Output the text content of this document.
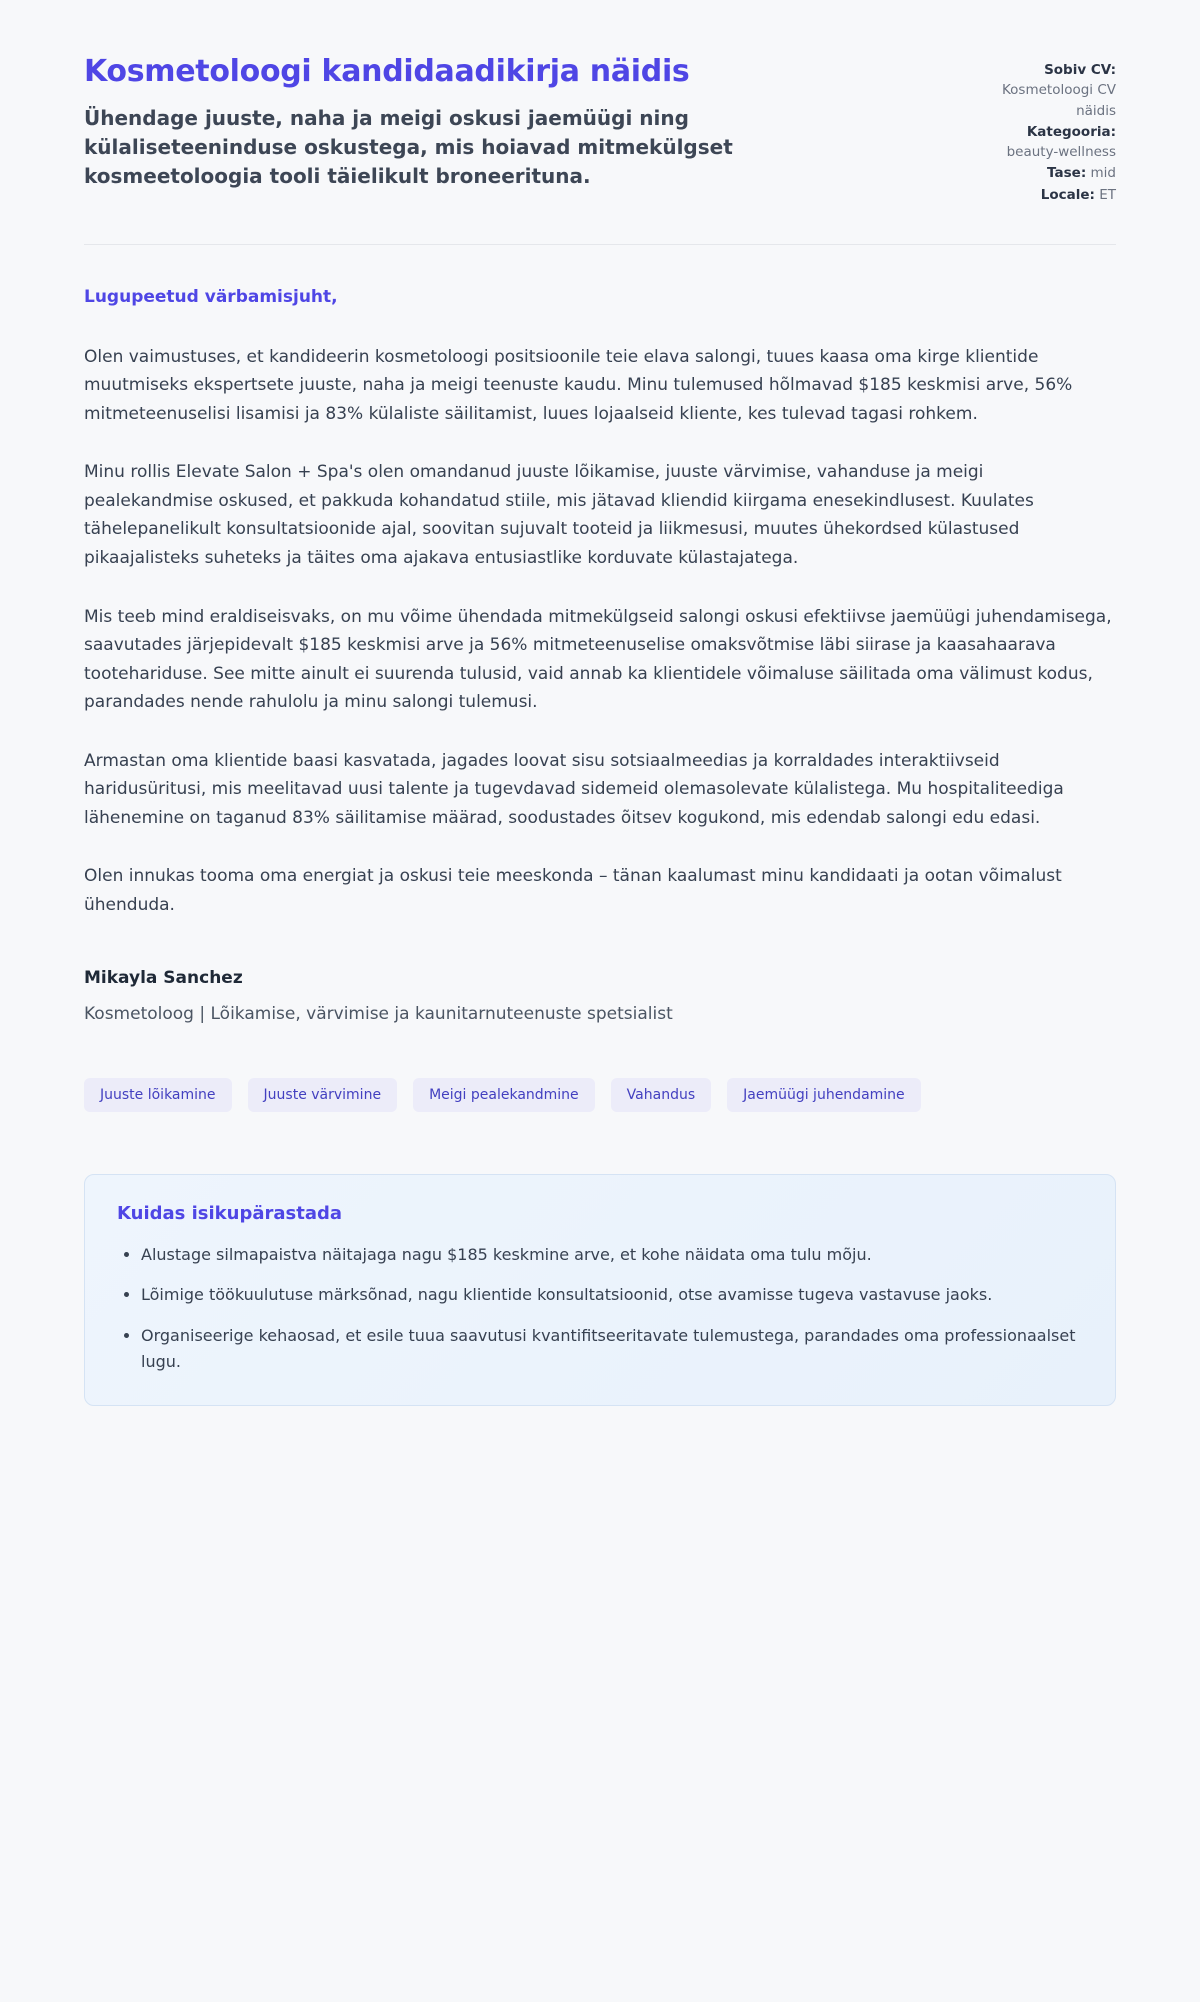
Kosmetoloogi kandidaadikirja näidis

Ühendage juuste, naha ja meigi oskusi jaemüügi ning külaliseteeninduse oskustega, mis hoiavad mitmekülgset kosmeetoloogia tooli täielikult broneerituna.

Sobiv CV: Kosmetoloogi CV näidis
Kategooria: beauty-wellness
Tase: mid
Locale: ET

Lugupeetud värbamisjuht,

Olen vaimustuses, et kandideerin kosmetoloogi positsioonile teie elava salongi, tuues kaasa oma kirge klientide muutmiseks ekspertsete juuste, naha ja meigi teenuste kaudu. Minu tulemused hõlmavad $185 keskmisi arve, 56% mitmeteenuselisi lisamisi ja 83% külaliste säilitamist, luues lojaalseid kliente, kes tulevad tagasi rohkem.

Minu rollis Elevate Salon + Spa's olen omandanud juuste lõikamise, juuste värvimise, vahanduse ja meigi pealekandmise oskused, et pakkuda kohandatud stiile, mis jätavad kliendid kiirgama enesekindlusest. Kuulates tähelepanelikult konsultatsioonide ajal, soovitan sujuvalt tooteid ja liikmesusi, muutes ühekordsed külastused pikaajalisteks suheteks ja täites oma ajakava entusiastlike korduvate külastajatega.

Mis teeb mind eraldiseisvaks, on mu võime ühendada mitmekülgseid salongi oskusi efektiivse jaemüügi juhendamisega, saavutades järjepidevalt $185 keskmisi arve ja 56% mitmeteenuselise omaksvõtmise läbi siirase ja kaasahaarava tootehariduse. See mitte ainult ei suurenda tulusid, vaid annab ka klientidele võimaluse säilitada oma välimust kodus, parandades nende rahulolu ja minu salongi tulemusi.

Armastan oma klientide baasi kasvatada, jagades loovat sisu sotsiaalmeedias ja korraldades interaktiivseid haridusüritusi, mis meelitavad uusi talente ja tugevdavad sidemeid olemasolevate külalistega. Mu hospitaliteediga lähenemine on taganud 83% säilitamise määrad, soodustades õitsev kogukond, mis edendab salongi edu edasi.

Olen innukas tooma oma energiat ja oskusi teie meeskonda – tänan kaalumast minu kandidaati ja ootan võimalust ühenduda.

Mikayla Sanchez

Kosmetoloog | Lõikamise, värvimise ja kaunitarnuteenuste spetsialist

Juuste lõikamine	Juuste värvimine	Meigi pealekandmine	Vahandus	Jaemüügi juhendamine
Kuidas isikupärastada
• Alustage silmapaistva näitajaga nagu $185 keskmine arve, et kohe näidata oma tulu mõju.
• Lõimige töökuulutuse märksõnad, nagu klientide konsultatsioonid, otse avamisse tugeva vastavuse jaoks.
• Organiseerige kehaosad, et esile tuua saavutusi kvantifitseeritavate tulemustega, parandades oma professionaalset lugu.
